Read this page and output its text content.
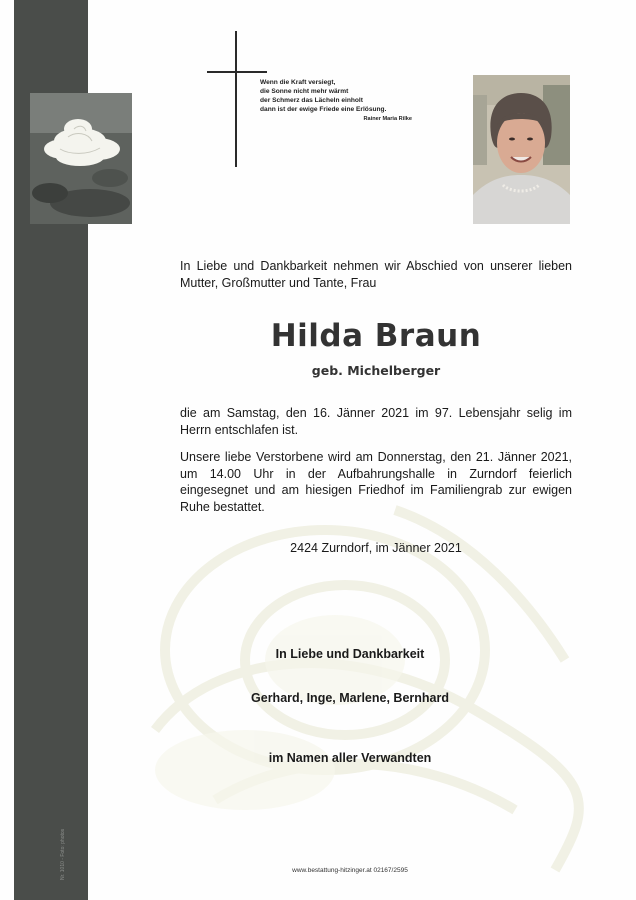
Nr. 1010 - Foto: photos
Wenn die Kraft versiegt,
die Sonne nicht mehr wärmt
der Schmerz das Lächeln einholt
dann ist der ewige Friede eine Erlösung.
Rainer Maria Rilke

In Liebe und Dankbarkeit nehmen wir Abschied von unserer lieben Mutter, Großmutter und Tante, Frau

Hilda Braun
geb. Michelberger

die am Samstag, den 16. Jänner 2021 im 97. Lebensjahr selig im Herrn entschlafen ist.

Unsere liebe Verstorbene wird am Donnerstag, den 21. Jänner 2021, um 14.00 Uhr in der Aufbahrungshalle in Zurndorf feierlich eingesegnet und am hiesigen Friedhof im Familiengrab zur ewigen Ruhe bestattet.

2424 Zurndorf, im Jänner 2021
In Liebe und Dankbarkeit
Gerhard, Inge, Marlene, Bernhard
im Namen aller Verwandten
www.bestattung-hitzinger.at 02167/2595
